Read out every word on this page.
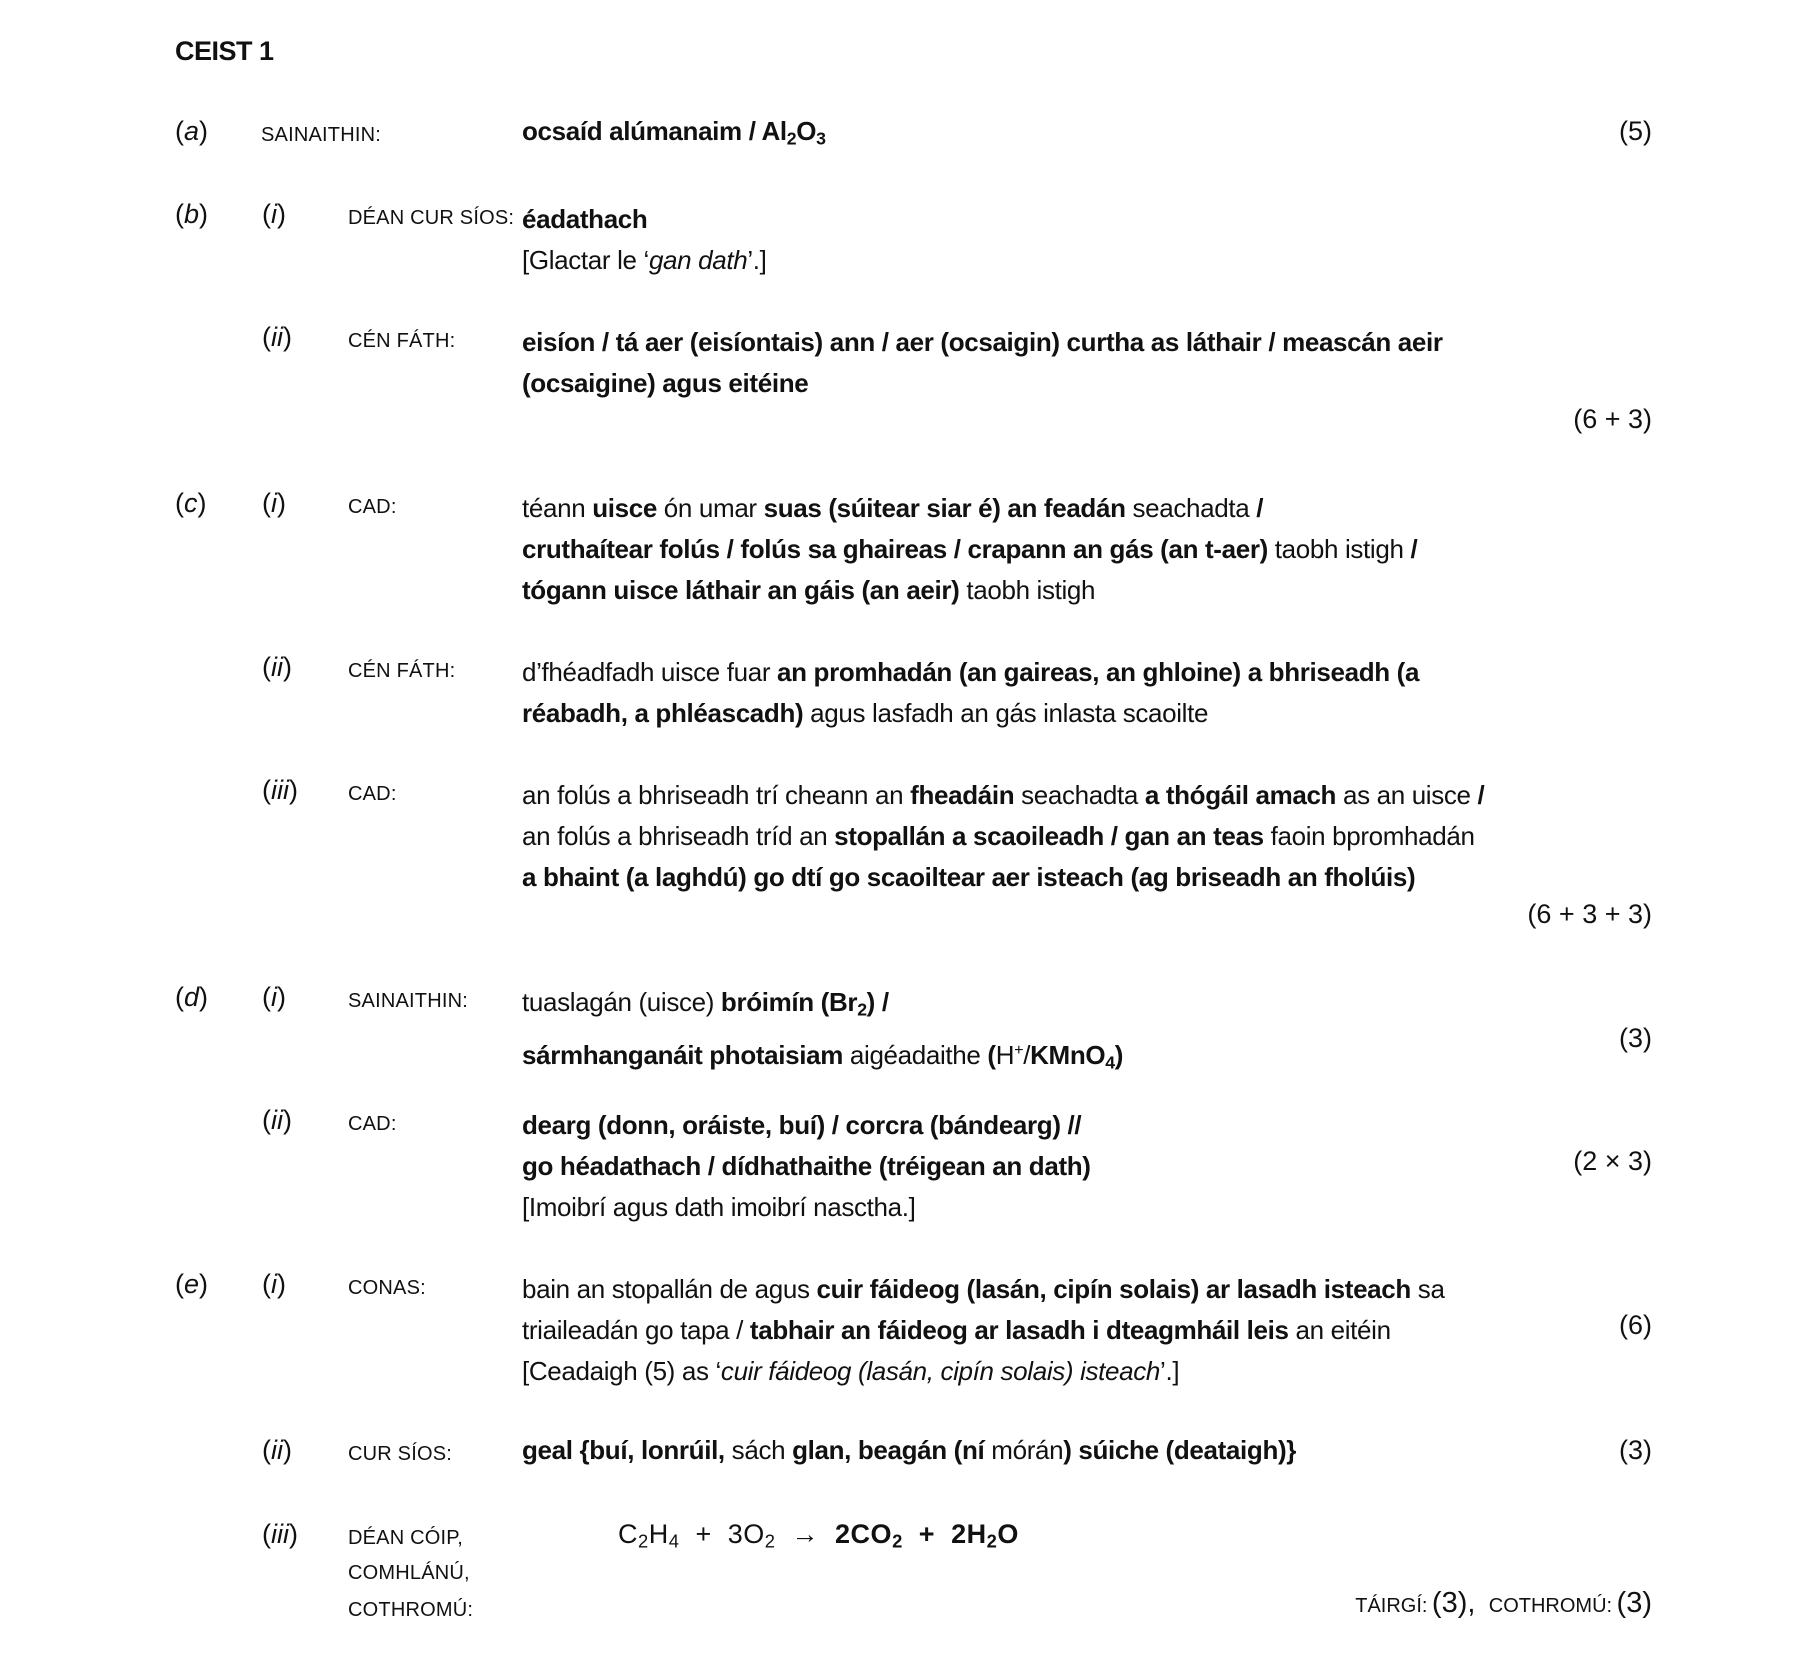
CEIST 1
(a)	SAINAITHIN:	ocsaíd alúmanaim / Al2O3	(5)
(b) (i)	DÉAN CUR SÍOS: éadathach
[Glactar le ‘gan dath’.]
(ii)	CÉN FÁTH:	eisíon / tá aer (eisíontais) ann / aer (ocsaigin) curtha as láthair / meascán aeir
(ocsaigine) agus eitéine
(6 + 3)
(c) (i)	CAD:	téann uisce ón umar suas (súitear siar é) an feadán seachadta /
cruthaítear folús / folús sa ghaireas / crapann an gás (an t-aer) taobh istigh /
tógann uisce láthair an gáis (an aeir) taobh istigh
(ii)	CÉN FÁTH:	d’fhéadfadh uisce fuar an promhadán (an gaireas, an ghloine) a bhriseadh (a
réabadh, a phléascadh) agus lasfadh an gás inlasta scaoilte
(iii)	CAD:	an folús a bhriseadh trí cheann an fheadáin seachadta a thógáil amach as an uisce /
an folús a bhriseadh tríd an stopallán a scaoileadh / gan an teas faoin bpromhadán
a bhaint (a laghdú) go dtí go scaoiltear aer isteach (ag briseadh an fholúis)
(6 + 3 + 3)
(d) (i)	SAINAITHIN: tuaslagán (uisce) bróimín (Br2) /
sármhanganáit photaisiam aigéadaithe (H+/KMnO4)
(3)
(ii)	CAD:	dearg (donn, oráiste, buí) / corcra (bándearg) //
go héadathach / dídhathaithe (tréigean an dath)
[Imoibrí agus dath imoibrí nasctha.]
(2 × 3)
(e) (i)	CONAS:	bain an stopallán de agus cuir fáideog (lasán, cipín solais) ar lasadh isteach sa
triaileadán go tapa / tabhair an fáideog ar lasadh i dteagmháil leis an eitéin
[Ceadaigh (5) as ‘cuir fáideog (lasán, cipín solais) isteach’.]
(6)
(ii)	CUR SÍOS:	geal {buí, lonrúil, sách glan, beagán (ní mórán) súiche (deataigh)}	(3)
(iii)	DÉAN CÓIP,
COMHLÁNÚ,
COTHROMÚ:
$C_2H_4 + 3O_2 \to 2CO_2 + 2H_2O$
TÁIRGÍ: (3), COTHROMÚ: (3)
